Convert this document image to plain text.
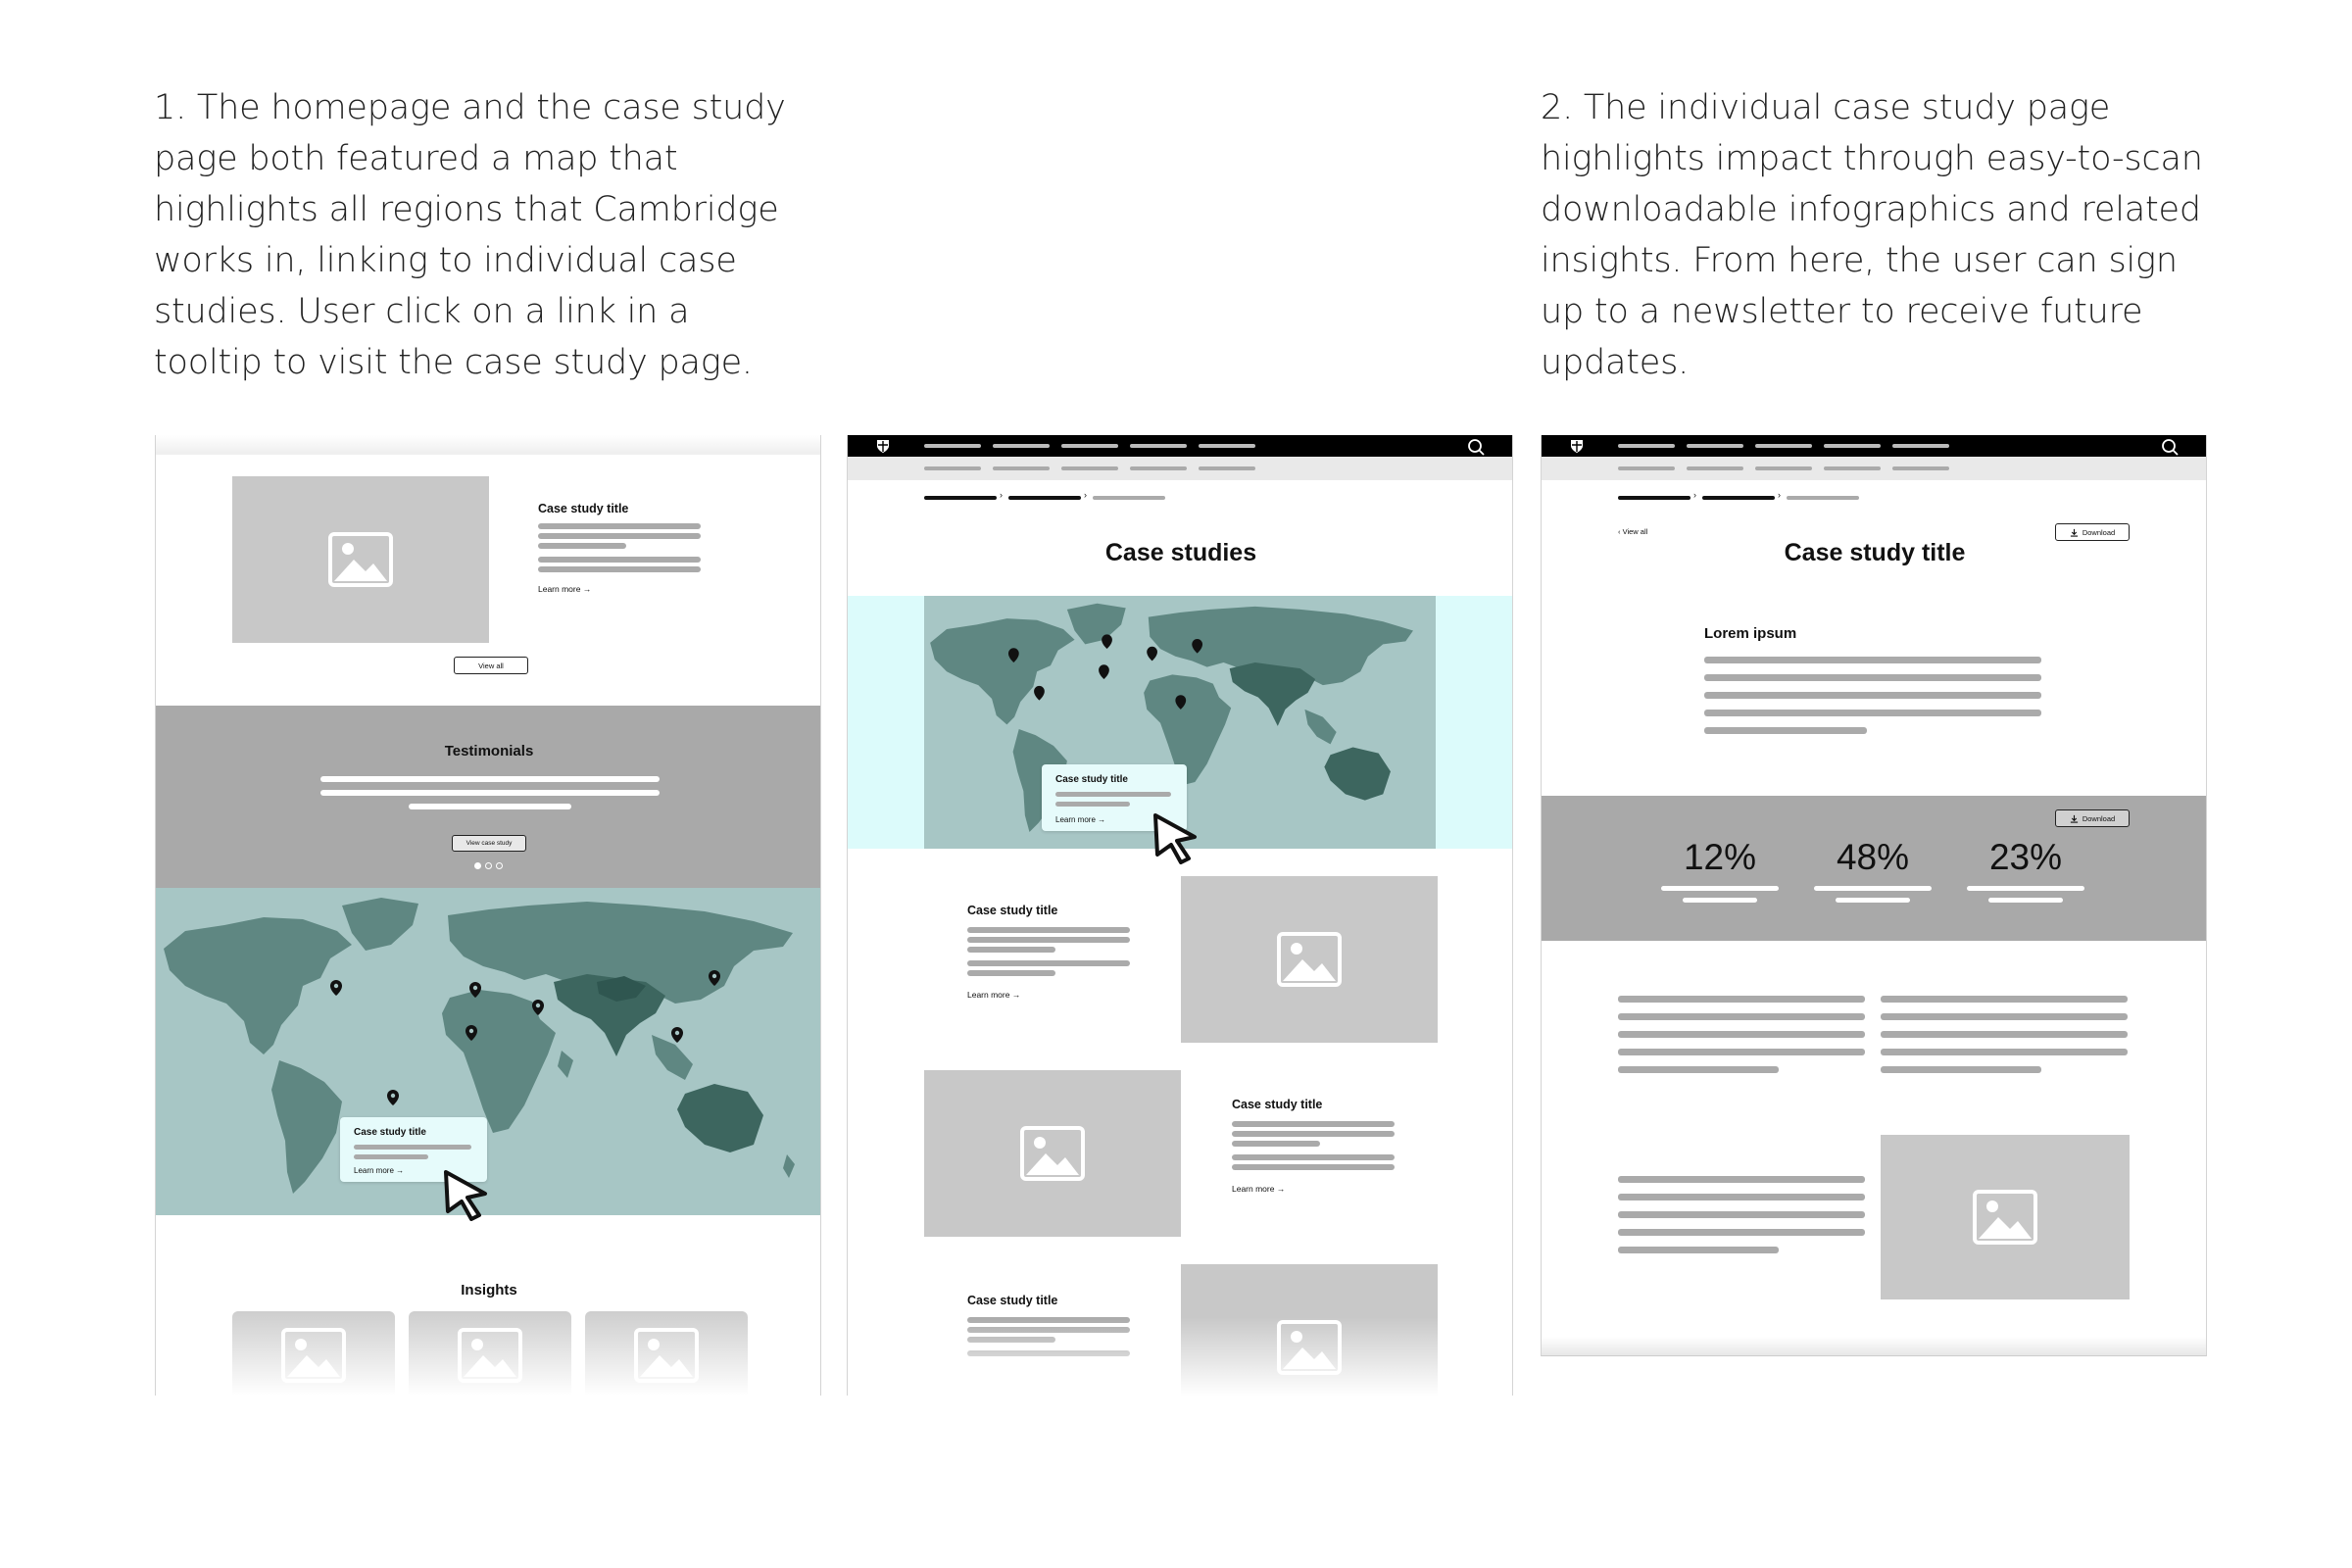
1. The homepage and the case study page both featured a map that highlights all regions that Cambridge works in, linking to individual case studies. User click on a link in a tooltip to visit the case study page.
2. The individual case study page highlights impact through easy-to-scan downloadable infographics and related insights. From here, the user can sign up to a newsletter to receive future updates.
Case study title
Learn more →
View all
Testimonials
View case study
Case study title
Learn more →
Insights
›	›
Case studies
Case study title
Learn more →
Case study title
Learn more →
Case study title
Learn more →
Case study title
›	›
‹ View all	Download
Case study title
Lorem ipsum
Download
12%	48%	23%
